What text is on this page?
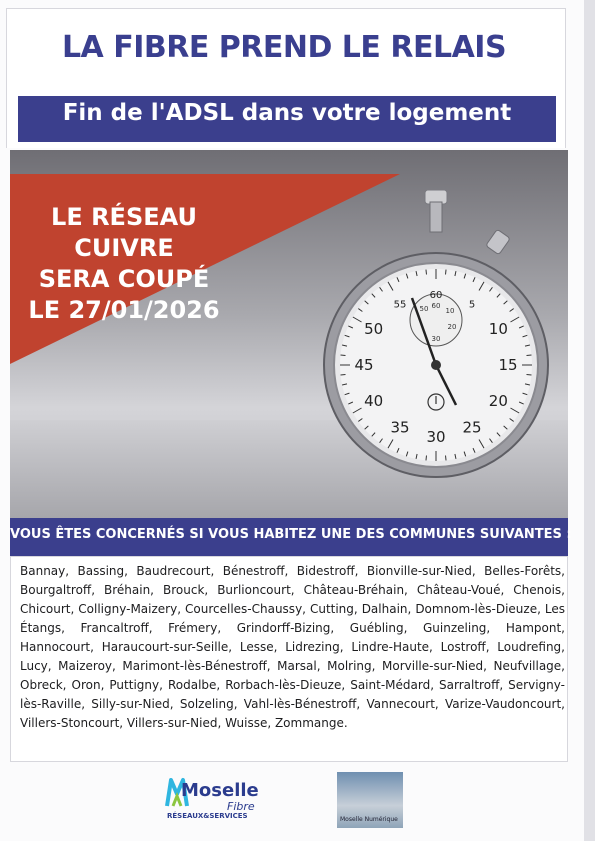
LA FIBRE PREND LE RELAIS
Fin de l'ADSL dans votre logement
LE RÉSEAU
CUIVRE
SERA COUPÉ
LE 27/01/2026	55
60
5
50	10
45	15
40	20
35
30
25
50 60
10
20
30
VOUS ÊTES CONCERNÉS SI VOUS HABITEZ UNE DES COMMUNES SUIVANTES :
Bannay, Bassing, Baudrecourt, Bénestroff, Bidestroff, Bionville-sur-Nied, Belles-Forêts, Bourgaltroff, Bréhain, Brouck, Burlioncourt, Château-Bréhain, Château-Voué, Chenois, Chicourt, Colligny-Maizery, Courcelles-Chaussy, Cutting, Dalhain, Domnom-lès-Dieuze, Les Étangs, Francaltroff, Frémery, Grindorff-Bizing, Guébling, Guinzeling, Hampont, Hannocourt, Haraucourt-sur-Seille, Lesse, Lidrezing, Lindre-Haute, Lostroff, Loudrefing, Lucy, Maizeroy, Marimont-lès-Bénestroff, Marsal, Molring, Morville-sur-Nied, Neufvillage, Obreck, Oron, Puttigny, Rodalbe, Rorbach-lès-Dieuze, Saint-Médard, Sarraltroff, Servigny-lès-Raville, Silly-sur-Nied, Solzeling, Vahl-lès-Bénestroff, Vannecourt, Varize-Vaudoncourt, Villers-Stoncourt, Villers-sur-Nied, Wuisse, Zommange.
Moselle
Fibre
RÉSEAUX&SERVICES	Moselle Numérique
